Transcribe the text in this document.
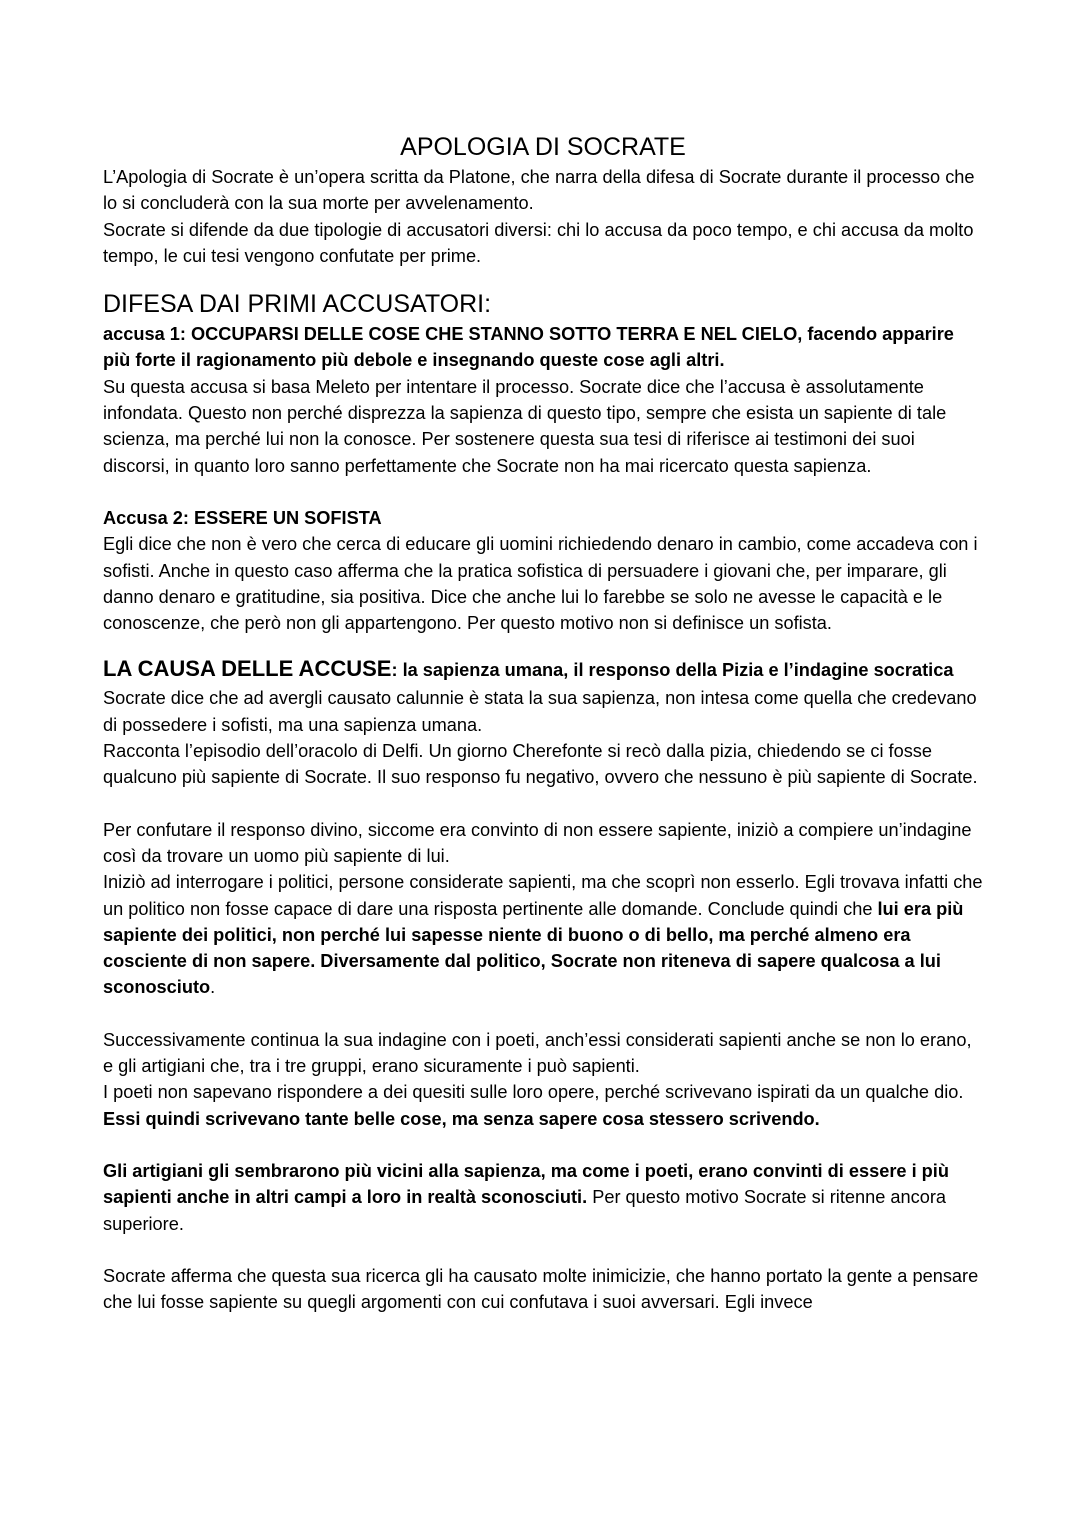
APOLOGIA DI SOCRATE

L’Apologia di Socrate è un’opera scritta da Platone, che narra della difesa di Socrate durante il processo che lo si concluderà con la sua morte per avvelenamento.

Socrate si difende da due tipologie di accusatori diversi: chi lo accusa da poco tempo, e chi accusa da molto tempo, le cui tesi vengono confutate per prime.

DIFESA DAI PRIMI ACCUSATORI:

accusa 1: OCCUPARSI DELLE COSE CHE STANNO SOTTO TERRA E NEL CIELO, facendo apparire più forte il ragionamento più debole e insegnando queste cose agli altri.

Su questa accusa si basa Meleto per intentare il processo. Socrate dice che l’accusa è assolutamente infondata. Questo non perché disprezza la sapienza di questo tipo, sempre che esista un sapiente di tale scienza, ma perché lui non la conosce. Per sostenere questa sua tesi di riferisce ai testimoni dei suoi discorsi, in quanto loro sanno perfettamente che Socrate non ha mai ricercato questa sapienza.

Accusa 2: ESSERE UN SOFISTA

Egli dice che non è vero che cerca di educare gli uomini richiedendo denaro in cambio, come accadeva con i sofisti. Anche in questo caso afferma che la pratica sofistica di persuadere i giovani che, per imparare, gli danno denaro e gratitudine, sia positiva. Dice che anche lui lo farebbe se solo ne avesse le capacità e le conoscenze, che però non gli appartengono. Per questo motivo non si definisce un sofista.

LA CAUSA DELLE ACCUSE: la sapienza umana, il responso della Pizia e l’indagine socratica

Socrate dice che ad avergli causato calunnie è stata la sua sapienza, non intesa come quella che credevano di possedere i sofisti, ma una sapienza umana.

Racconta l’episodio dell’oracolo di Delfi. Un giorno Cherefonte si recò dalla pizia, chiedendo se ci fosse qualcuno più sapiente di Socrate. Il suo responso fu negativo, ovvero che nessuno è più sapiente di Socrate.

Per confutare il responso divino, siccome era convinto di non essere sapiente, iniziò a compiere un’indagine così da trovare un uomo più sapiente di lui.

Iniziò ad interrogare i politici, persone considerate sapienti, ma che scoprì non esserlo. Egli trovava infatti che un politico non fosse capace di dare una risposta pertinente alle domande. Conclude quindi che lui era più sapiente dei politici, non perché lui sapesse niente di buono o di bello, ma perché almeno era cosciente di non sapere. Diversamente dal politico, Socrate non riteneva di sapere qualcosa a lui sconosciuto.

Successivamente continua la sua indagine con i poeti, anch’essi considerati sapienti anche se non lo erano, e gli artigiani che, tra i tre gruppi, erano sicuramente i può sapienti.

I poeti non sapevano rispondere a dei quesiti sulle loro opere, perché scrivevano ispirati da un qualche dio. Essi quindi scrivevano tante belle cose, ma senza sapere cosa stessero scrivendo.

Gli artigiani gli sembrarono più vicini alla sapienza, ma come i poeti, erano convinti di essere i più sapienti anche in altri campi a loro in realtà sconosciuti. Per questo motivo Socrate si ritenne ancora superiore.

Socrate afferma che questa sua ricerca gli ha causato molte inimicizie, che hanno portato la gente a pensare che lui fosse sapiente su quegli argomenti con cui confutava i suoi avversari. Egli invece
